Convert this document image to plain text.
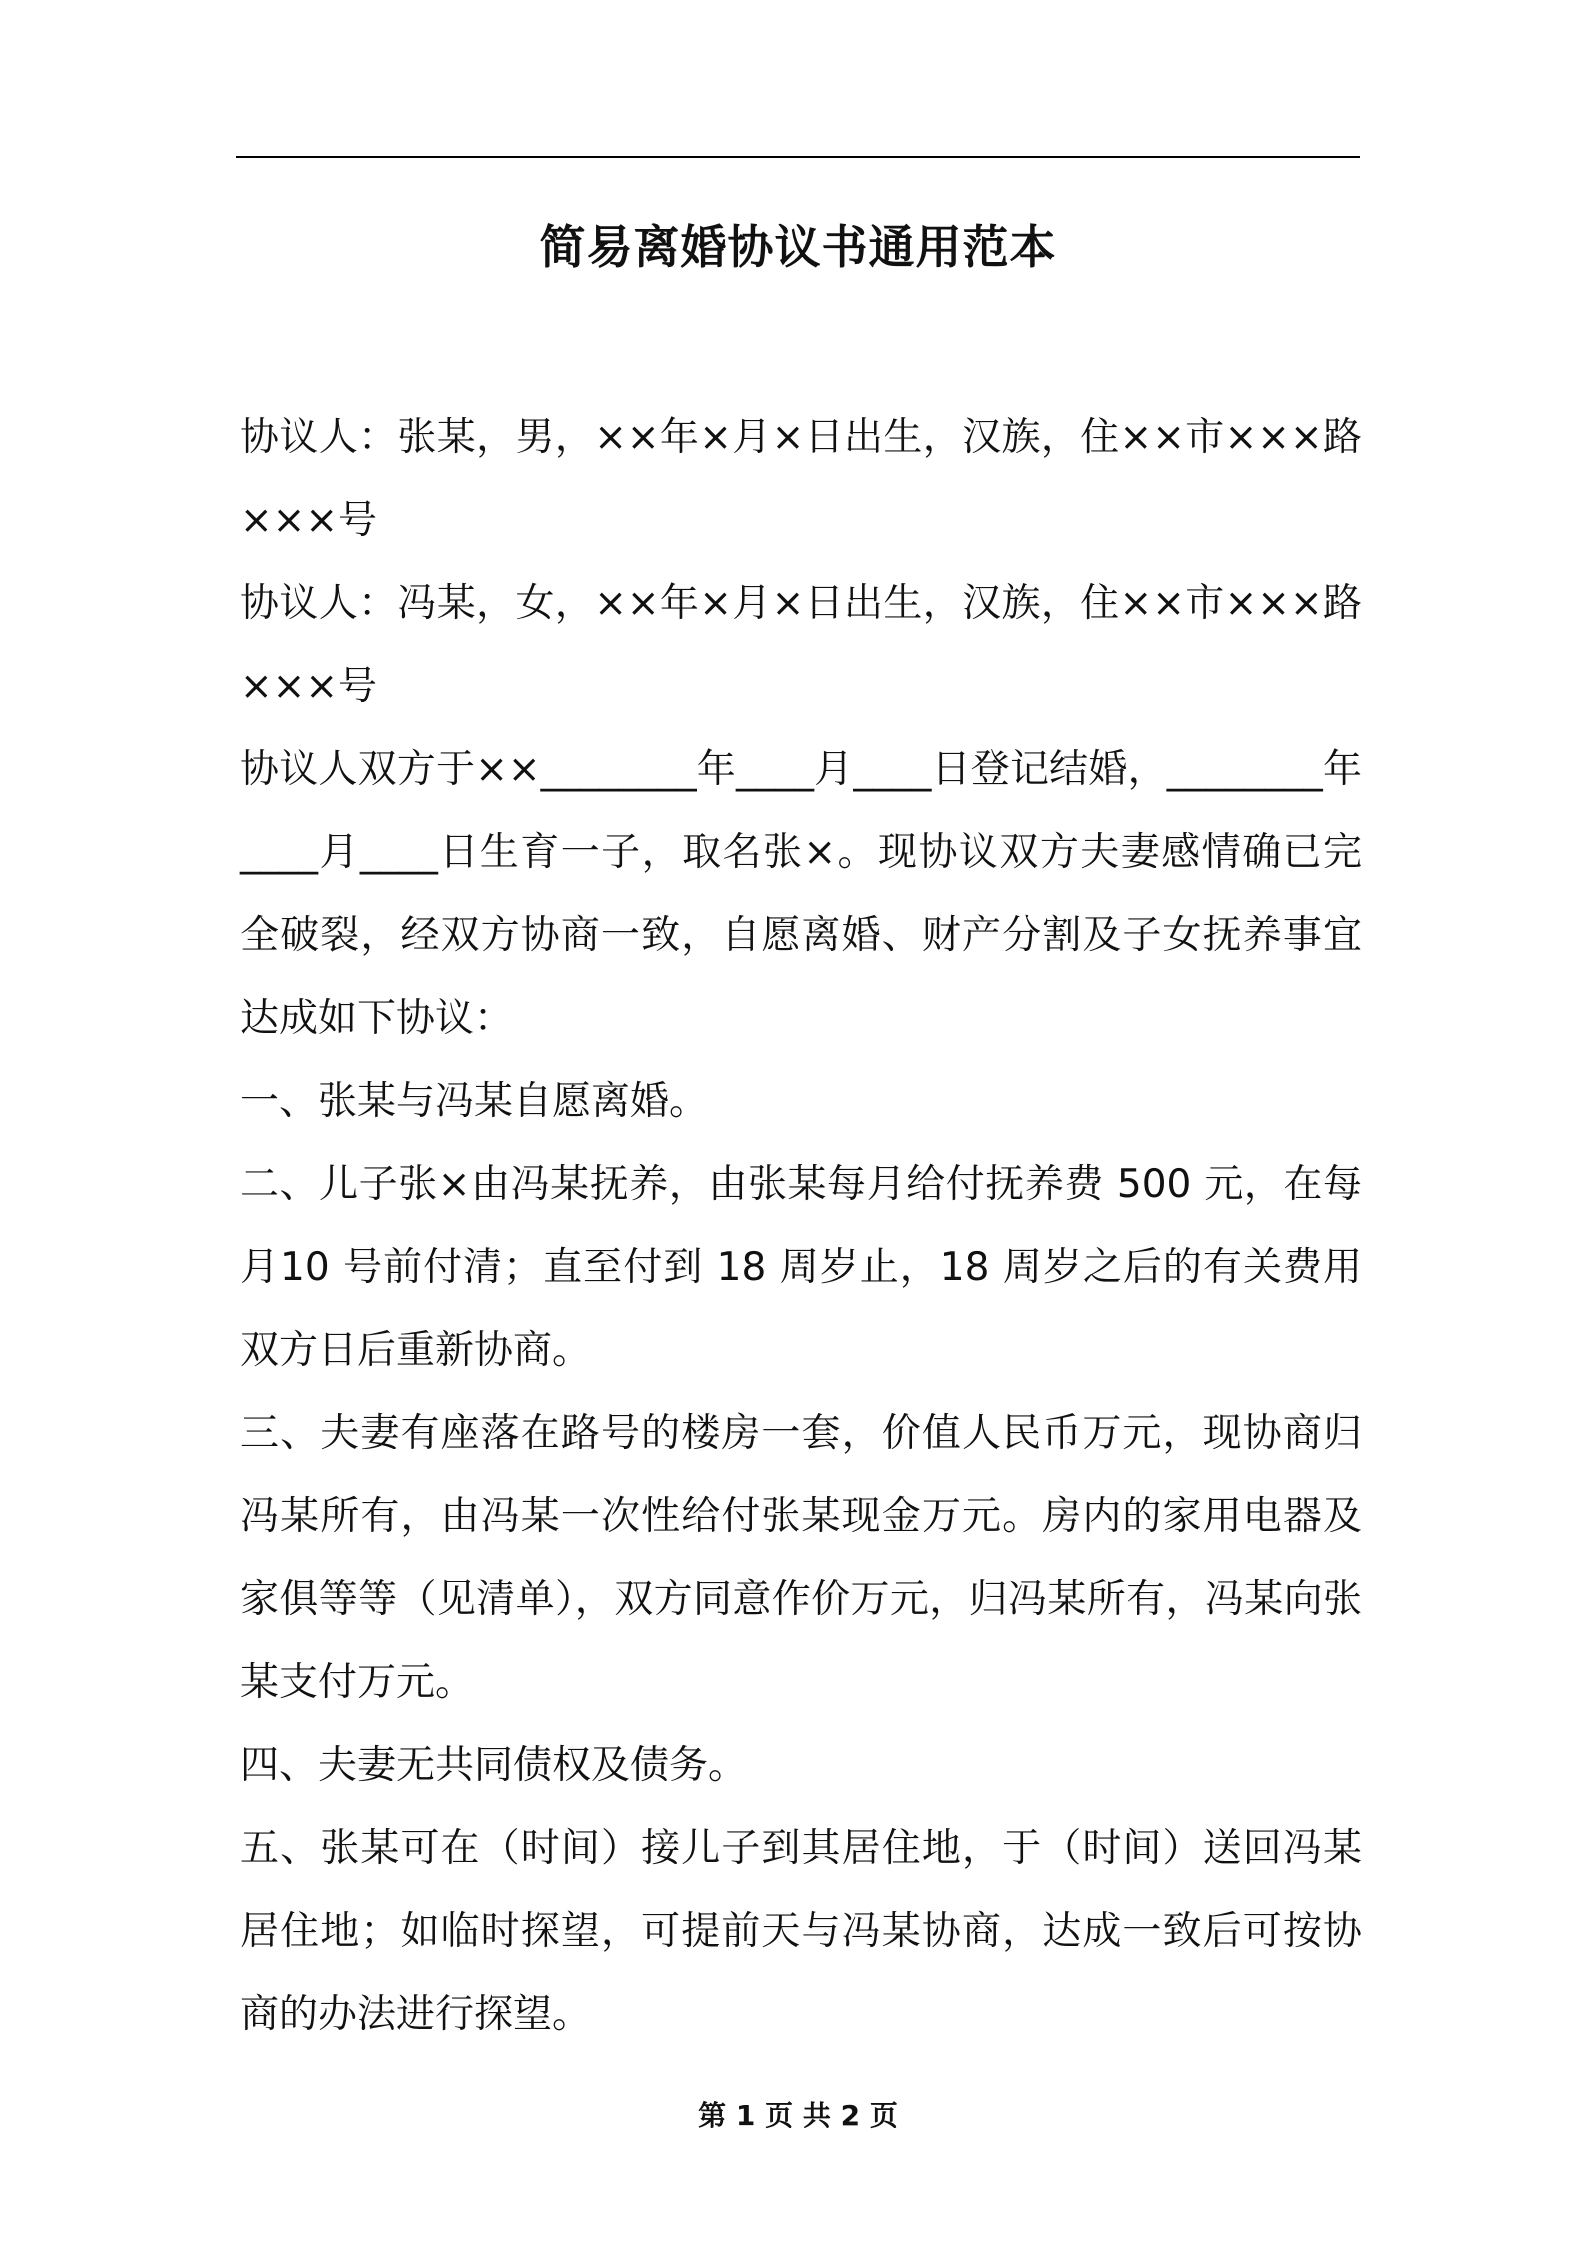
简易离婚协议书通用范本

协议人：张某，男，××年×月×日出生，汉族，住××市×××路×××号

协议人：冯某，女，××年×月×日出生，汉族，住××市×××路×××号

协议人双方于××________年____月____日登记结婚，________年____月____日生育一子，取名张×。现协议双方夫妻感情确已完全破裂，经双方协商一致，自愿离婚、财产分割及子女抚养事宜达成如下协议：

一、张某与冯某自愿离婚。

二、儿子张×由冯某抚养，由张某每月给付抚养费 500 元，在每月10 号前付清；直至付到 18 周岁止，18 周岁之后的有关费用双方日后重新协商。

三、夫妻有座落在路号的楼房一套，价值人民币万元，现协商归冯某所有，由冯某一次性给付张某现金万元。房内的家用电器及家俱等等（见清单），双方同意作价万元，归冯某所有，冯某向张某支付万元。

四、夫妻无共同债权及债务。

五、张某可在（时间）接儿子到其居住地，于（时间）送回冯某居住地；如临时探望，可提前天与冯某协商，达成一致后可按协商的办法进行探望。

第 1 页 共 2 页
